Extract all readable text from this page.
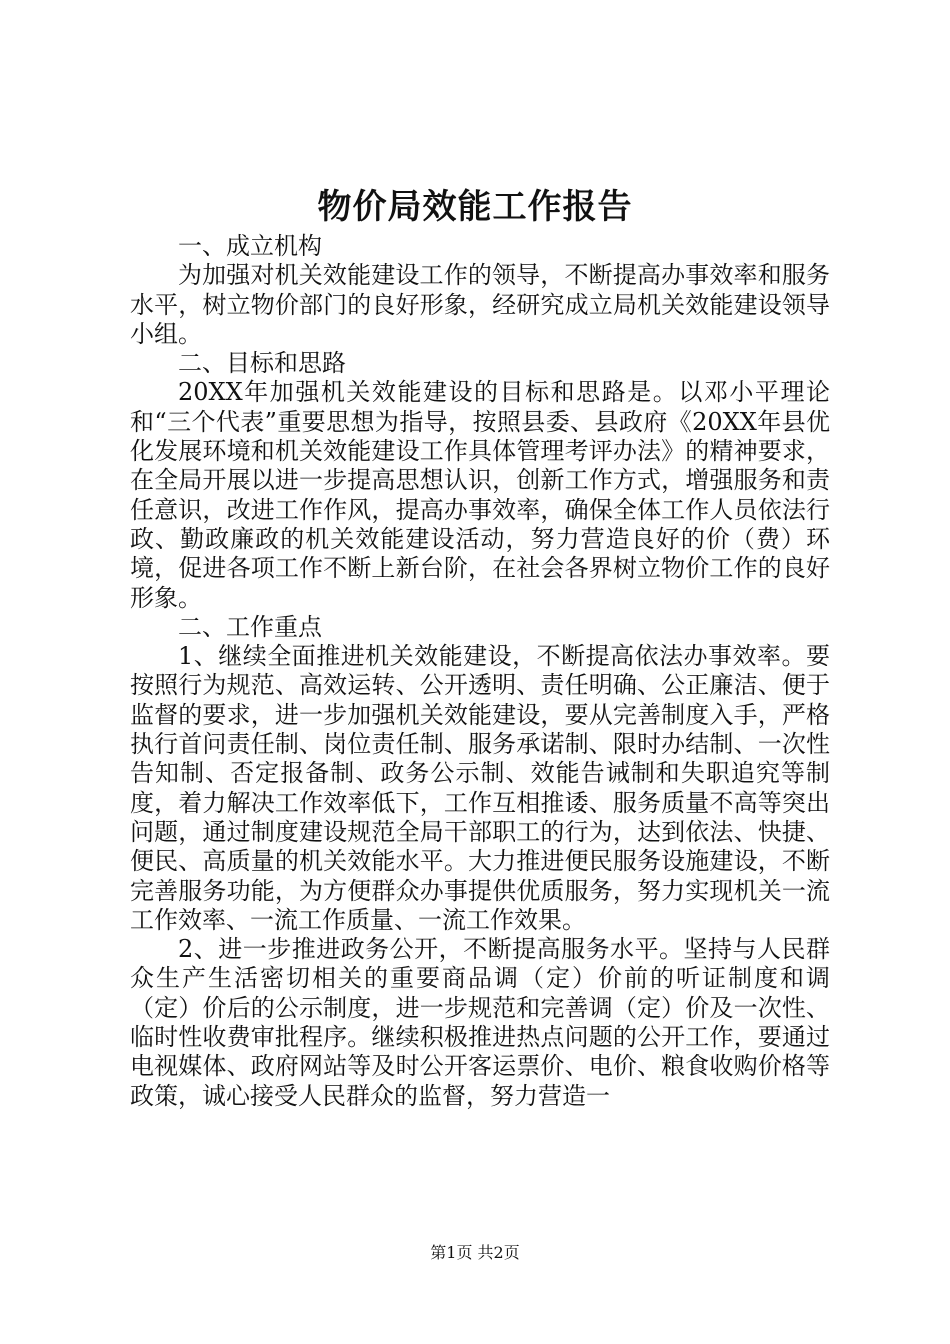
物价局效能工作报告

一、成立机构

为加强对机关效能建设工作的领导，不断提高办事效率和服务水平，树立物价部门的良好形象，经研究成立局机关效能建设领导小组。

二、目标和思路

20XX年加强机关效能建设的目标和思路是。以邓小平理论和“三个代表”重要思想为指导，按照县委、县政府《20XX年县优化发展环境和机关效能建设工作具体管理考评办法》的精神要求，在全局开展以进一步提高思想认识，创新工作方式，增强服务和责任意识，改进工作作风，提高办事效率，确保全体工作人员依法行政、勤政廉政的机关效能建设活动，努力营造良好的价（费）环境，促进各项工作不断上新台阶，在社会各界树立物价工作的良好形象。

二、工作重点

1、继续全面推进机关效能建设，不断提高依法办事效率。要按照行为规范、高效运转、公开透明、责任明确、公正廉洁、便于监督的要求，进一步加强机关效能建设，要从完善制度入手，严格执行首问责任制、岗位责任制、服务承诺制、限时办结制、一次性告知制、否定报备制、政务公示制、效能告诫制和失职追究等制度，着力解决工作效率低下，工作互相推诿、服务质量不高等突出问题，通过制度建设规范全局干部职工的行为，达到依法、快捷、便民、高质量的机关效能水平。大力推进便民服务设施建设，不断完善服务功能，为方便群众办事提供优质服务，努力实现机关一流工作效率、一流工作质量、一流工作效果。

2、进一步推进政务公开，不断提高服务水平。坚持与人民群众生产生活密切相关的重要商品调（定）价前的听证制度和调（定）价后的公示制度，进一步规范和完善调（定）价及一次性、临时性收费审批程序。继续积极推进热点问题的公开工作，要通过电视媒体、政府网站等及时公开客运票价、电价、粮食收购价格等政策，诚心接受人民群众的监督，努力营造一

第1页 共2页
